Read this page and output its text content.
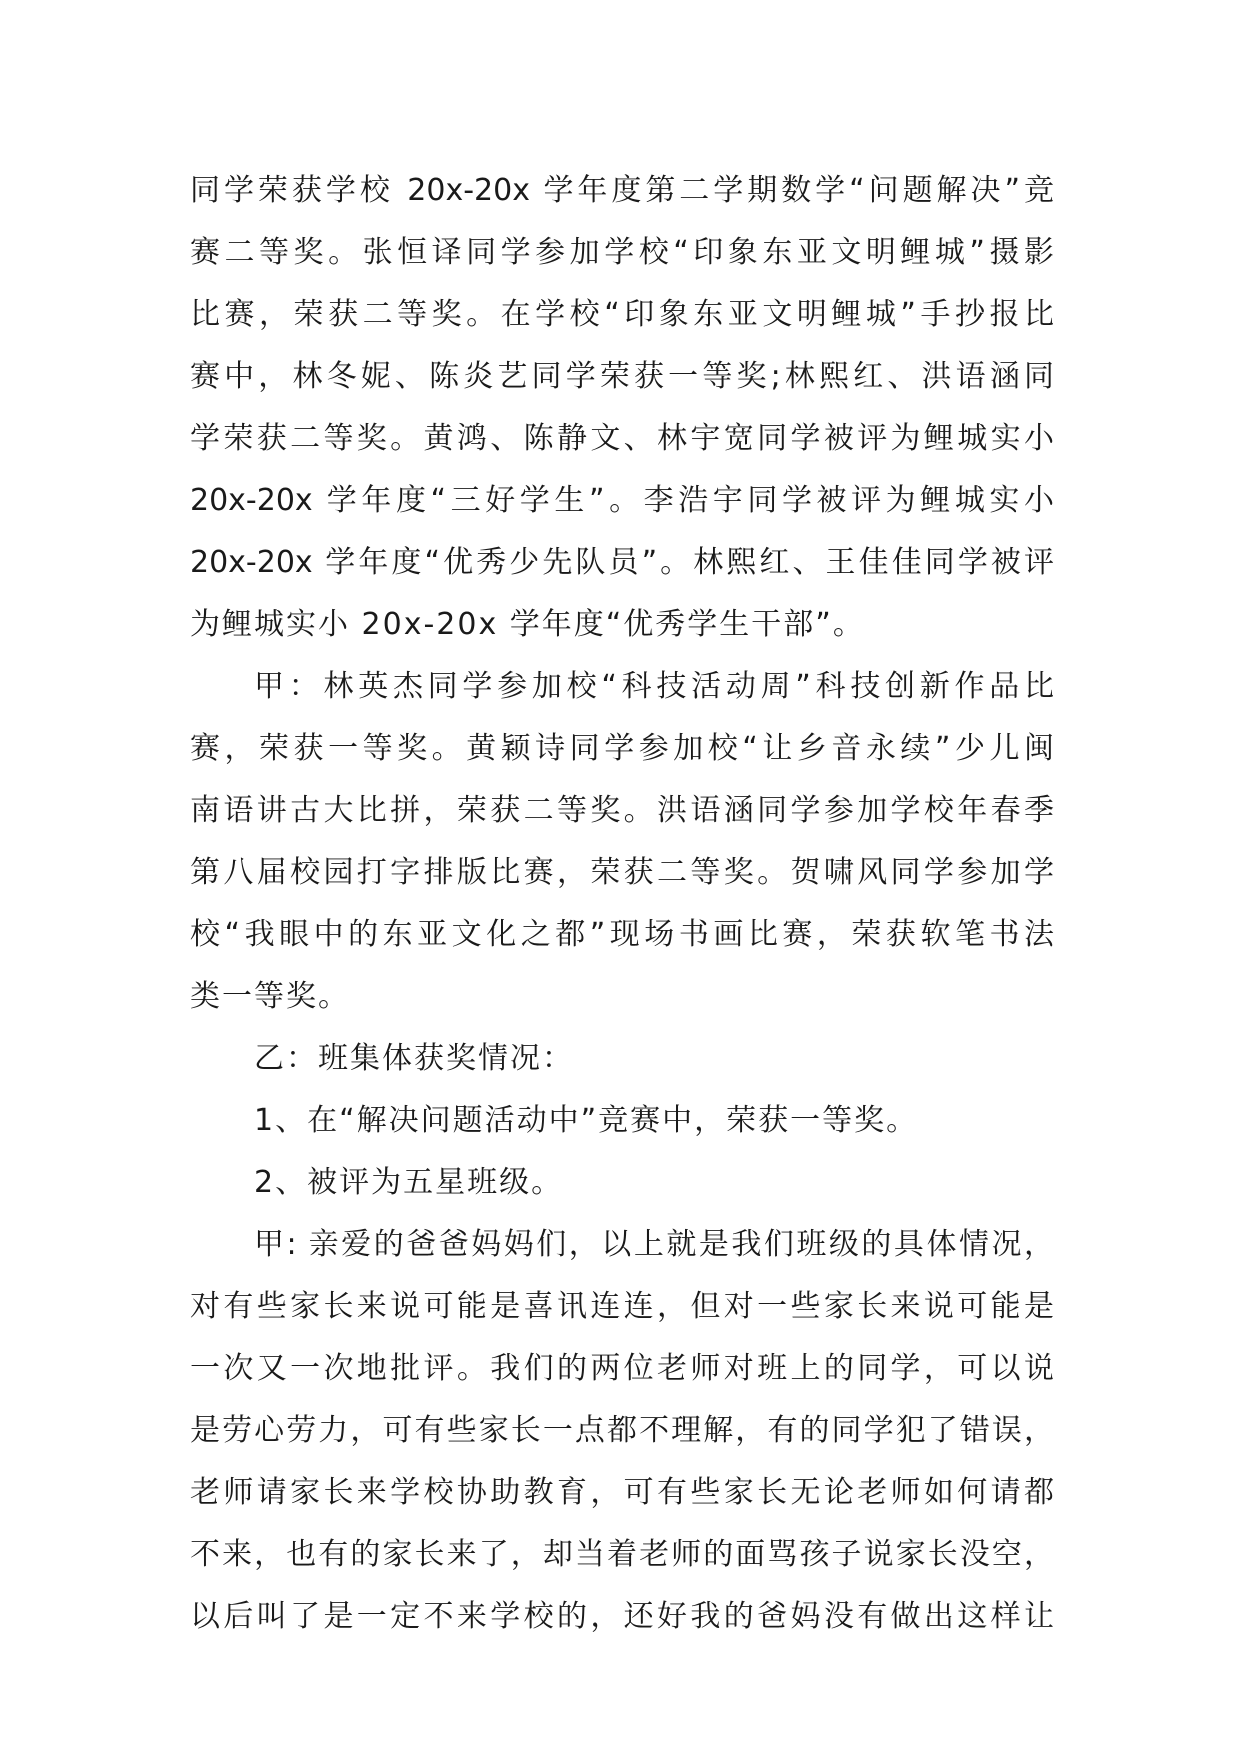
同学荣获学校 20x-20x 学年度第二学期数学“问题解决”竞
赛二等奖。张恒译同学参加学校“印象东亚文明鲤城”摄影
比赛，荣获二等奖。在学校“印象东亚文明鲤城”手抄报比
赛中，林冬妮、陈炎艺同学荣获一等奖;林熙红、洪语涵同
学荣获二等奖。黄鸿、陈静文、林宇宽同学被评为鲤城实小
20x-20x 学年度“三好学生”。李浩宇同学被评为鲤城实小
20x-20x 学年度“优秀少先队员”。林熙红、王佳佳同学被评
为鲤城实小 20x-20x 学年度“优秀学生干部”。
甲：林英杰同学参加校“科技活动周”科技创新作品比
赛，荣获一等奖。黄颖诗同学参加校“让乡音永续”少儿闽
南语讲古大比拼，荣获二等奖。洪语涵同学参加学校年春季
第八届校园打字排版比赛，荣获二等奖。贺啸风同学参加学
校“我眼中的东亚文化之都”现场书画比赛，荣获软笔书法
类一等奖。
乙：班集体获奖情况：
1、在“解决问题活动中”竞赛中，荣获一等奖。
2、被评为五星班级。
甲: 亲爱的爸爸妈妈们，以上就是我们班级的具体情况，
对有些家长来说可能是喜讯连连，但对一些家长来说可能是
一次又一次地批评。我们的两位老师对班上的同学，可以说
是劳心劳力，可有些家长一点都不理解，有的同学犯了错误，
老师请家长来学校协助教育，可有些家长无论老师如何请都
不来，也有的家长来了，却当着老师的面骂孩子说家长没空，
以后叫了是一定不来学校的，还好我的爸妈没有做出这样让
